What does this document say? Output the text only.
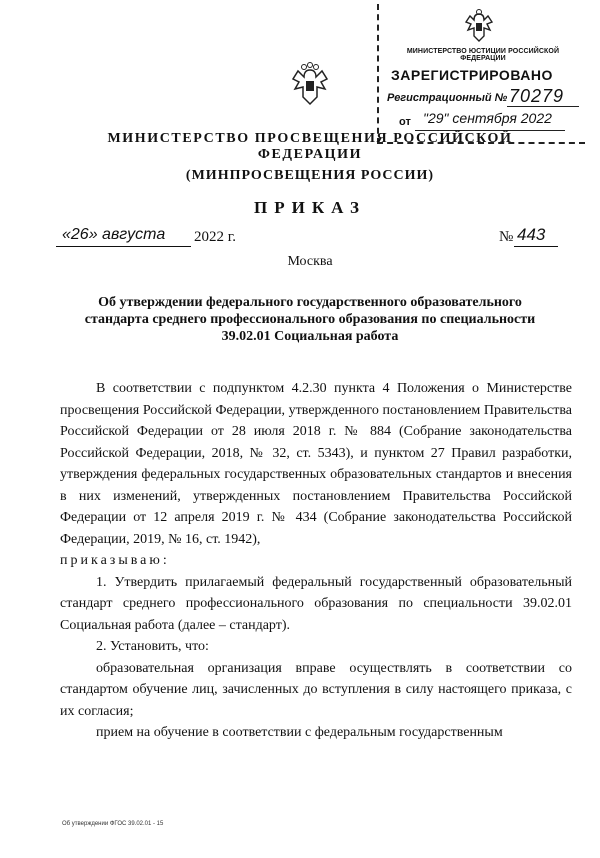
МИНИСТЕРСТВО ЮСТИЦИИ РОССИЙСКОЙ ФЕДЕРАЦИИ
ЗАРЕГИСТРИРОВАНО
Регистрационный № 70279
от "29" сентября 2022
МИНИСТЕРСТВО ПРОСВЕЩЕНИЯ РОССИЙСКОЙ ФЕДЕРАЦИИ
(МИНПРОСВЕЩЕНИЯ РОССИИ)
ПРИКАЗ
«26» августа 2022 г.	№ 443
Москва
Об утверждении федерального государственного образовательного стандарта среднего профессионального образования по специальности 39.02.01 Социальная работа

В соответствии с подпунктом 4.2.30 пункта 4 Положения о Министерстве просвещения Российской Федерации, утвержденного постановлением Правительства Российской Федерации от 28 июля 2018 г. № 884 (Собрание законодательства Российской Федерации, 2018, № 32, ст. 5343), и пунктом 27 Правил разработки, утверждения федеральных государственных образовательных стандартов и внесения в них изменений, утвержденных постановлением Правительства Российской Федерации от 12 апреля 2019 г. № 434 (Собрание законодательства Российской Федерации, 2019, № 16, ст. 1942),

приказываю:

1. Утвердить прилагаемый федеральный государственный образовательный стандарт среднего профессионального образования по специальности 39.02.01 Социальная работа (далее – стандарт).

2. Установить, что:

образовательная организация вправе осуществлять в соответствии со стандартом обучение лиц, зачисленных до вступления в силу настоящего приказа, с их согласия;

прием на обучение в соответствии с федеральным государственным

Об утверждении ФГОС 39.02.01 - 15
